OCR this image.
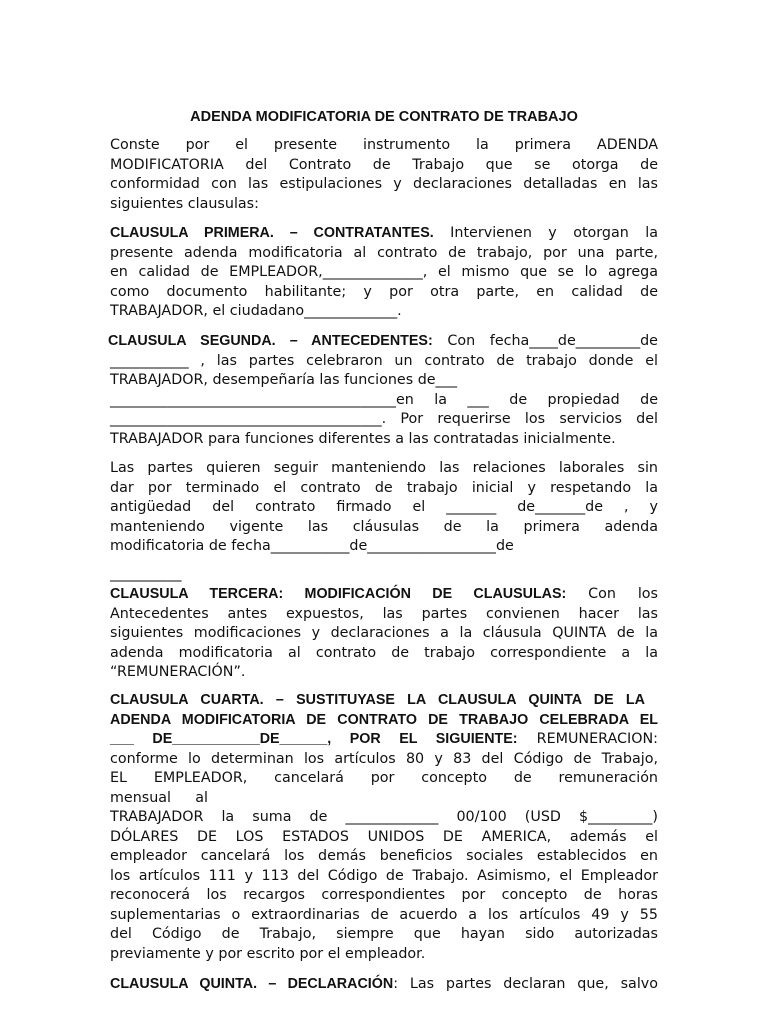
ADENDA MODIFICATORIA DE CONTRATO DE TRABAJO
Conste por el presente instrumento la primera ADENDA
MODIFICATORIA del Contrato de Trabajo que se otorga de
conformidad con las estipulaciones y declaraciones detalladas en las
siguientes clausulas:
CLAUSULA PRIMERA. – CONTRATANTES. Intervienen y otorgan la
presente adenda modificatoria al contrato de trabajo, por una parte,
en calidad de EMPLEADOR,______________, el mismo que se lo agrega
como documento habilitante; y por otra parte, en calidad de
TRABAJADOR, el ciudadano_____________.
CLAUSULA SEGUNDA. – ANTECEDENTES: Con fecha____de_________de
___________ , las partes celebraron un contrato de trabajo donde el
TRABAJADOR, desempeñaría las funciones de___
________________________________________en la ___ de propiedad de
______________________________________. Por requerirse los servicios del
TRABAJADOR para funciones diferentes a las contratadas inicialmente.
Las partes quieren seguir manteniendo las relaciones laborales sin
dar por terminado el contrato de trabajo inicial y respetando la
antigüedad del contrato firmado el _______ de_______de , y
manteniendo vigente las cláusulas de la primera adenda
modificatoria de fecha___________de__________________de
__________
CLAUSULA TERCERA: MODIFICACIÓN DE CLAUSULAS: Con los
Antecedentes antes expuestos, las partes convienen hacer las
siguientes modificaciones y declaraciones a la cláusula QUINTA de la
adenda modificatoria al contrato de trabajo correspondiente a la
“REMUNERACIÓN”.
CLAUSULA CUARTA. – SUSTITUYASE LA CLAUSULA QUINTA DE LA
ADENDA MODIFICATORIA DE CONTRATO DE TRABAJO CELEBRADA EL
___ DE___________DE______, POR EL SIGUIENTE: REMUNERACION:
conforme lo determinan los artículos 80 y 83 del Código de Trabajo,
EL EMPLEADOR, cancelará por concepto de remuneración
mensual al
TRABAJADOR la suma de _____________ 00/100 (USD $_________)
DÓLARES DE LOS ESTADOS UNIDOS DE AMERICA, además el
empleador cancelará los demás beneficios sociales establecidos en
los artículos 111 y 113 del Código de Trabajo. Asimismo, el Empleador
reconocerá los recargos correspondientes por concepto de horas
suplementarias o extraordinarias de acuerdo a los artículos 49 y 55
del Código de Trabajo, siempre que hayan sido autorizadas
previamente y por escrito por el empleador.
CLAUSULA QUINTA. – DECLARACIÓN: Las partes declaran que, salvo
